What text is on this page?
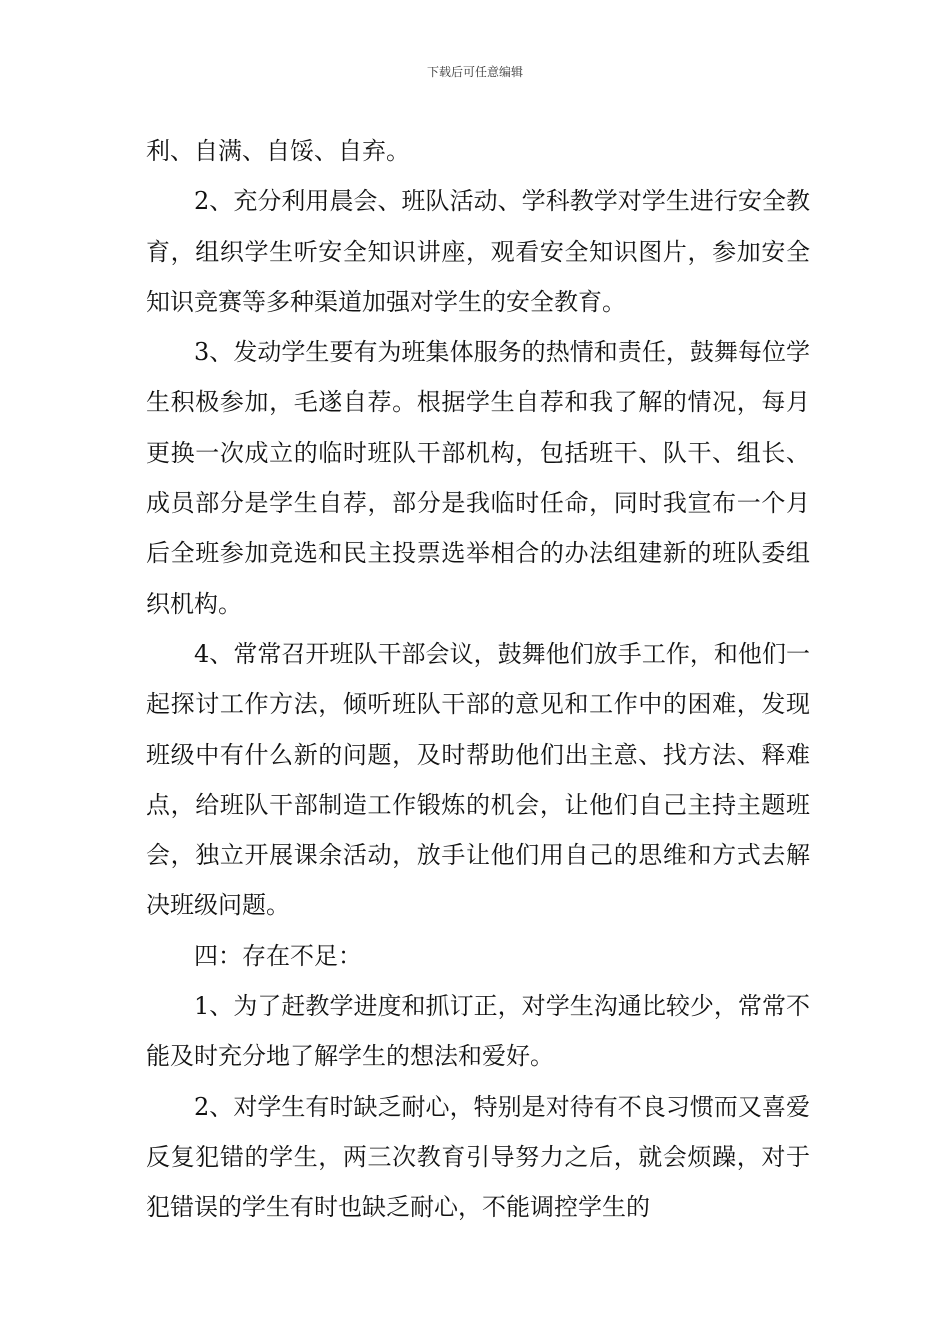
下载后可任意编辑

利、自满、自馁、自弃。

2、充分利用晨会、班队活动、学科教学对学生进行安全教育，组织学生听安全知识讲座，观看安全知识图片，参加安全知识竞赛等多种渠道加强对学生的安全教育。

3、发动学生要有为班集体服务的热情和责任，鼓舞每位学生积极参加，毛遂自荐。根据学生自荐和我了解的情况，每月更换一次成立的临时班队干部机构，包括班干、队干、组长、成员部分是学生自荐，部分是我临时任命，同时我宣布一个月后全班参加竞选和民主投票选举相合的办法组建新的班队委组织机构。

4、常常召开班队干部会议，鼓舞他们放手工作，和他们一起探讨工作方法，倾听班队干部的意见和工作中的困难，发现班级中有什么新的问题，及时帮助他们出主意、找方法、释难点，给班队干部制造工作锻炼的机会，让他们自己主持主题班会，独立开展课余活动，放手让他们用自己的思维和方式去解决班级问题。

四：存在不足：

1、为了赶教学进度和抓订正，对学生沟通比较少，常常不能及时充分地了解学生的想法和爱好。

2、对学生有时缺乏耐心，特别是对待有不良习惯而又喜爱反复犯错的学生，两三次教育引导努力之后，就会烦躁，对于犯错误的学生有时也缺乏耐心，不能调控学生的
